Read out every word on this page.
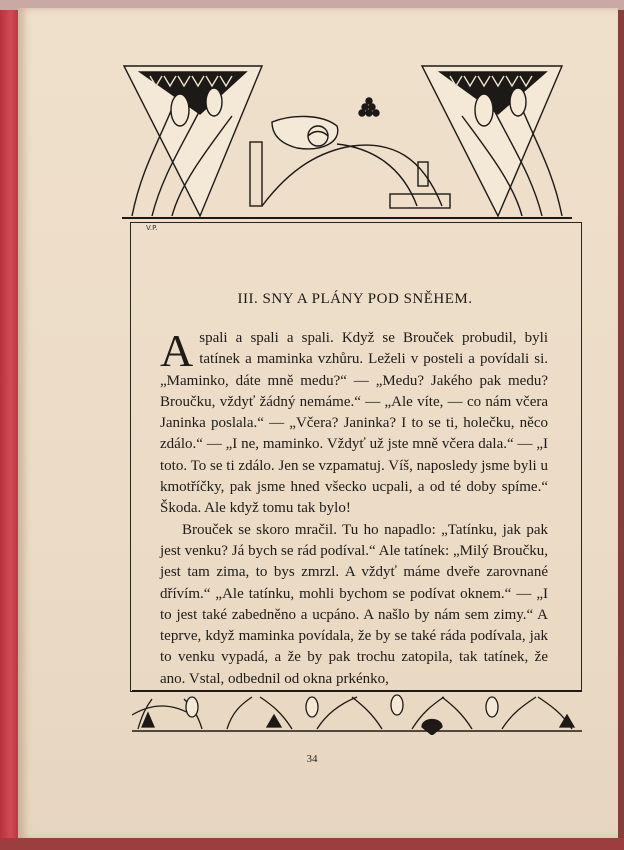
V.P.
III. SNY A PLÁNY POD SNĚHEM.

Aspali a spali a spali. Když se Brouček probudil, byli tatínek a maminka vzhůru. Leželi v posteli a povídali si. „Maminko, dáte mně medu?“ — „Medu? Jakého pak medu? Broučku, vždyť žádný nemáme.“ — „Ale víte, — co nám včera Janinka poslala.“ — „Včera? Janinka? I to se ti, holečku, něco zdálo.“ — „I ne, maminko. Vždyť už jste mně včera dala.“ — „I toto. To se ti zdálo. Jen se vzpamatuj. Víš, naposledy jsme byli u kmotříčky, pak jsme hned všecko ucpali, a od té doby spíme.“ Škoda. Ale když tomu tak bylo!

Brouček se skoro mračil. Tu ho napadlo: „Tatínku, jak pak jest venku? Já bych se rád podíval.“ Ale tatínek: „Milý Broučku, jest tam zima, to bys zmrzl. A vždyť máme dveře zarovnané dřívím.“ „Ale tatínku, mohli bychom se podívat oknem.“ — „I to jest také zabedněno a ucpáno. A našlo by nám sem zimy.“ A teprve, když maminka povídala, že by se také ráda podívala, jak to venku vypadá, a že by pak trochu zatopila, tak tatínek, že ano. Vstal, odbednil od okna prkénko,

34
